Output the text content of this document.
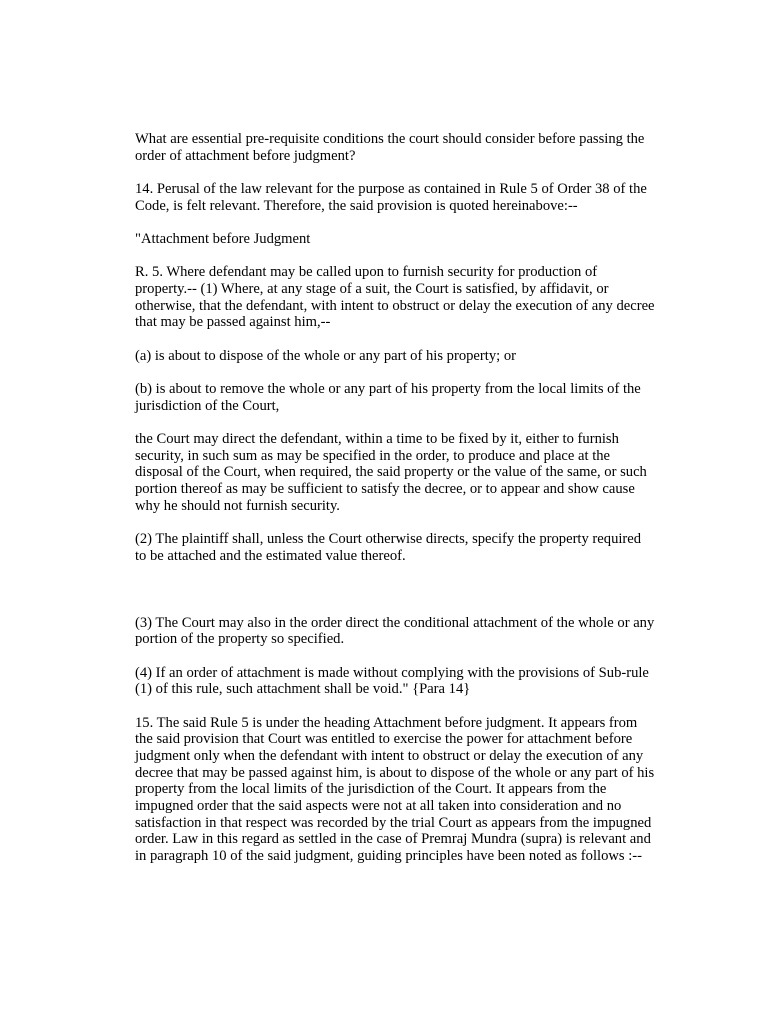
What are essential pre-requisite conditions the court should consider before passing the order of attachment before judgment?

14. Perusal of the law relevant for the purpose as contained in Rule 5 of Order 38 of the Code, is felt relevant. Therefore, the said provision is quoted hereinabove:--

"Attachment before Judgment

R. 5. Where defendant may be called upon to furnish security for production of property.-- (1) Where, at any stage of a suit, the Court is satisfied, by affidavit, or otherwise, that the defendant, with intent to obstruct or delay the execution of any decree that may be passed against him,--

(a) is about to dispose of the whole or any part of his property; or

(b) is about to remove the whole or any part of his property from the local limits of the jurisdiction of the Court,

the Court may direct the defendant, within a time to be fixed by it, either to furnish security, in such sum as may be specified in the order, to produce and place at the disposal of the Court, when required, the said property or the value of the same, or such portion thereof as may be sufficient to satisfy the decree, or to appear and show cause why he should not furnish security.

(2) The plaintiff shall, unless the Court otherwise directs, specify the property required to be attached and the estimated value thereof.

(3) The Court may also in the order direct the conditional attachment of the whole or any portion of the property so specified.

(4) If an order of attachment is made without complying with the provisions of Sub-rule (1) of this rule, such attachment shall be void." {Para 14}

15. The said Rule 5 is under the heading Attachment before judgment. It appears from the said provision that Court was entitled to exercise the power for attachment before judgment only when the defendant with intent to obstruct or delay the execution of any decree that may be passed against him, is about to dispose of the whole or any part of his property from the local limits of the jurisdiction of the Court. It appears from the impugned order that the said aspects were not at all taken into consideration and no satisfaction in that respect was recorded by the trial Court as appears from the impugned order. Law in this regard as settled in the case of Premraj Mundra (supra) is relevant and in paragraph 10 of the said judgment, guiding principles have been noted as follows :--
